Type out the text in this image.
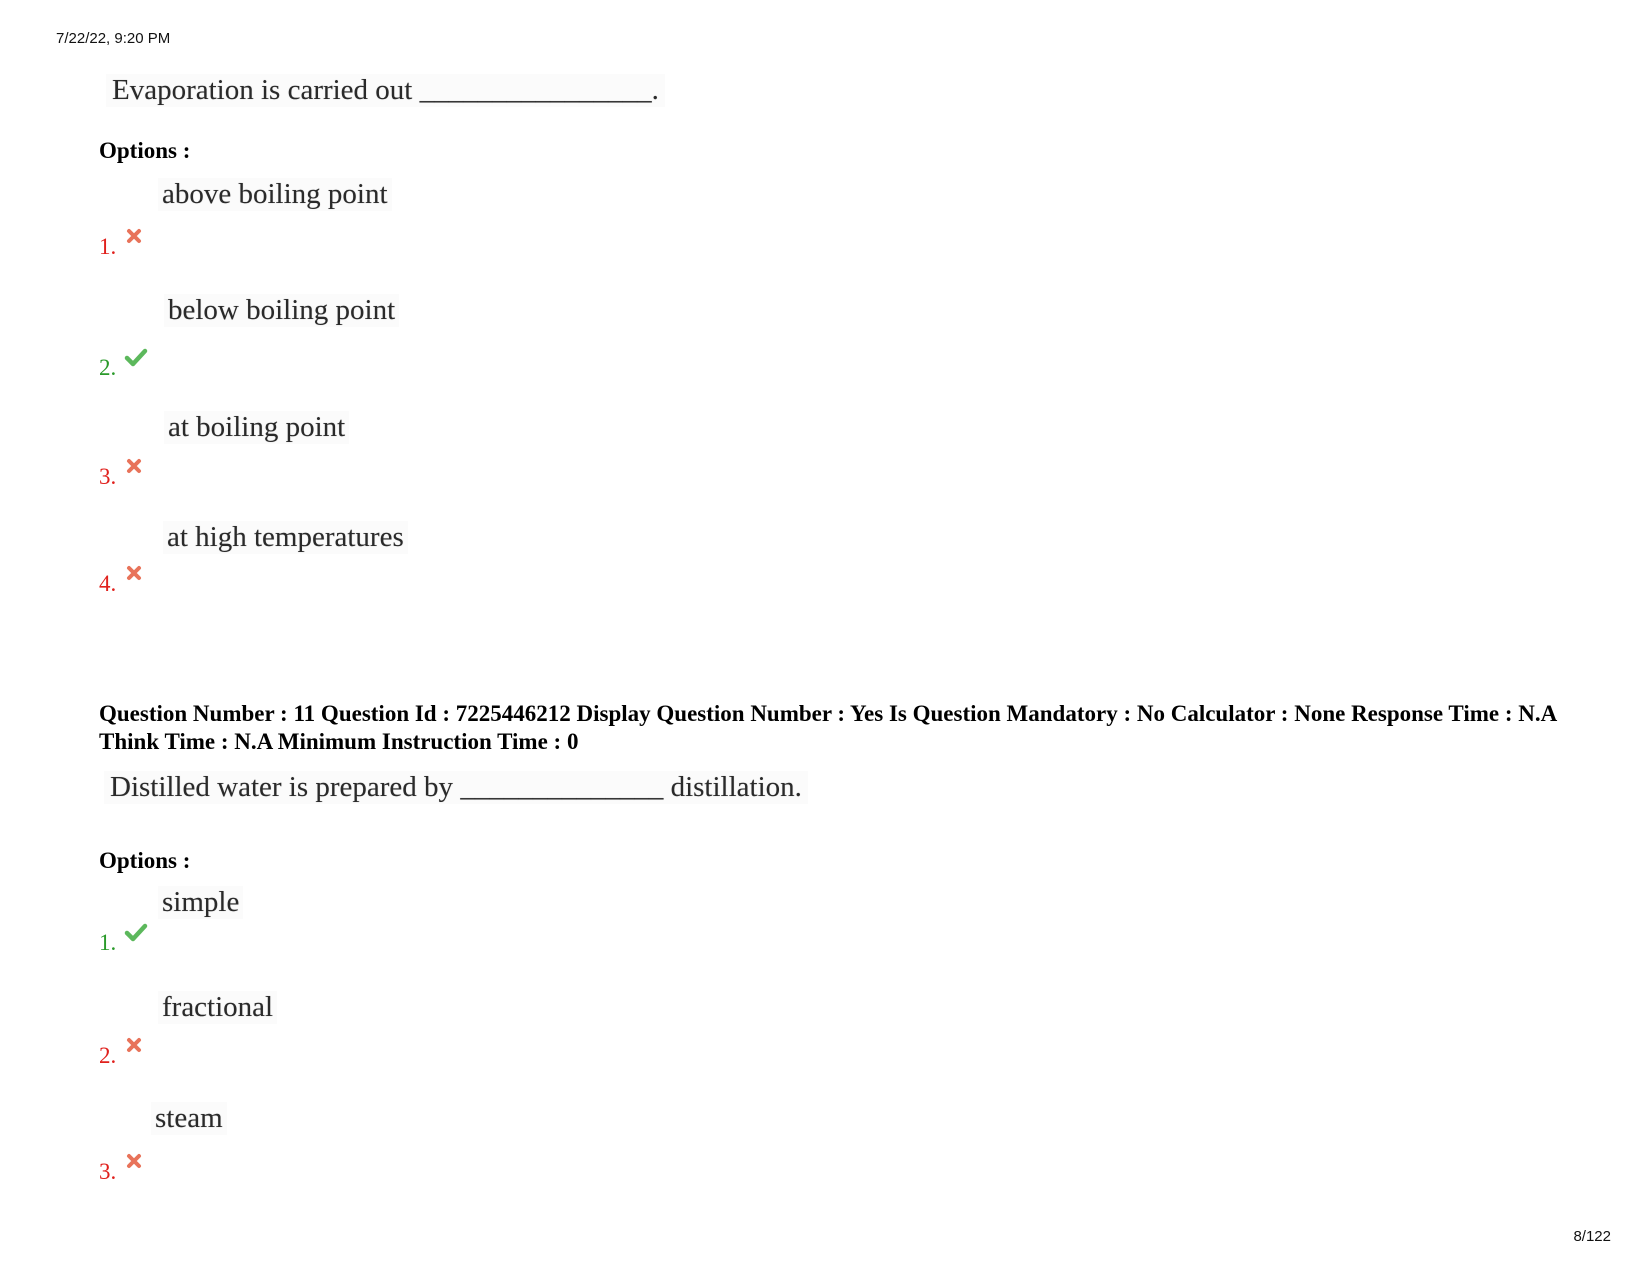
7/22/22, 9:20 PM
Evaporation is carried out ________________.
Options :
above boiling point
1.
below boiling point
2.
at boiling point
3.
at high temperatures
4.
Question Number : 11 Question Id : 7225446212 Display Question Number : Yes Is Question Mandatory : No Calculator : None Response Time : N.A Think Time : N.A Minimum Instruction Time : 0
Distilled water is prepared by ______________ distillation.
Options :
simple
1.
fractional
2.
steam
3.
8/122
